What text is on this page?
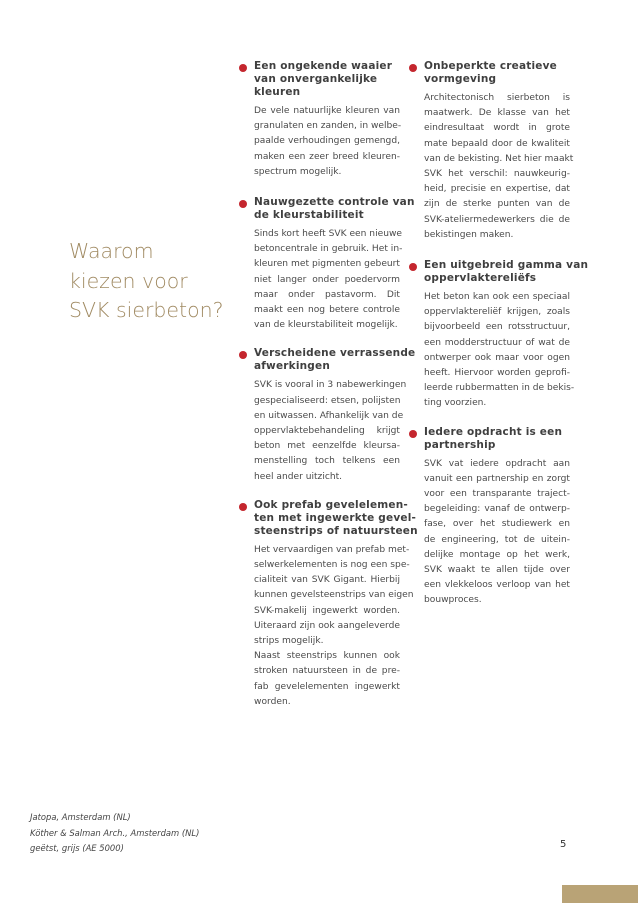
Waarom
kiezen voor
SVK sierbeton?
Een ongekende waaier
van onvergankelijke
kleuren
De vele natuurlijke kleuren van
granulaten en zanden, in welbe-
paalde verhoudingen gemengd,
maken een zeer breed kleuren-
spectrum mogelijk.
Nauwgezette controle van
de kleurstabiliteit
Sinds kort heeft SVK een nieuwe
betoncentrale in gebruik. Het in-
kleuren met pigmenten gebeurt
niet langer onder poedervorm
maar onder pastavorm. Dit
maakt een nog betere controle
van de kleurstabiliteit mogelijk.
Verscheidene verrassende
afwerkingen
SVK is vooral in 3 nabewerkingen
gespecialiseerd: etsen, polijsten
en uitwassen. Afhankelijk van de
oppervlaktebehandeling krijgt
beton met eenzelfde kleursa-
menstelling toch telkens een
heel ander uitzicht.
Ook prefab gevelelemen-
ten met ingewerkte gevel-
steenstrips of natuursteen
Het vervaardigen van prefab met-
selwerkelementen is nog een spe-
cialiteit van SVK Gigant. Hierbij
kunnen gevelsteenstrips van eigen
SVK-makelij ingewerkt worden.
Uiteraard zijn ook aangeleverde
strips mogelijk.
Naast steenstrips kunnen ook
stroken natuursteen in de pre-
fab gevelelementen ingewerkt
worden.
Onbeperkte creatieve
vormgeving
Architectonisch sierbeton is
maatwerk. De klasse van het
eindresultaat wordt in grote
mate bepaald door de kwaliteit
van de bekisting. Net hier maakt
SVK het verschil: nauwkeurig-
heid, precisie en expertise, dat
zijn de sterke punten van de
SVK-ateliermedewerkers die de
bekistingen maken.
Een uitgebreid gamma van
oppervlaktereliëfs
Het beton kan ook een speciaal
oppervlaktereliëf krijgen, zoals
bijvoorbeeld een rotsstructuur,
een modderstructuur of wat de
ontwerper ook maar voor ogen
heeft. Hiervoor worden geprofi-
leerde rubbermatten in de bekis-
ting voorzien.
Iedere opdracht is een
partnership
SVK vat iedere opdracht aan
vanuit een partnership en zorgt
voor een transparante traject-
begeleiding: vanaf de ontwerp-
fase, over het studiewerk en
de engineering, tot de uitein-
delijke montage op het werk,
SVK waakt te allen tijde over
een vlekkeloos verloop van het
bouwproces.
Jatopa, Amsterdam (NL)
Köther & Salman Arch., Amsterdam (NL)
geëtst, grijs (AE 5000)	5
